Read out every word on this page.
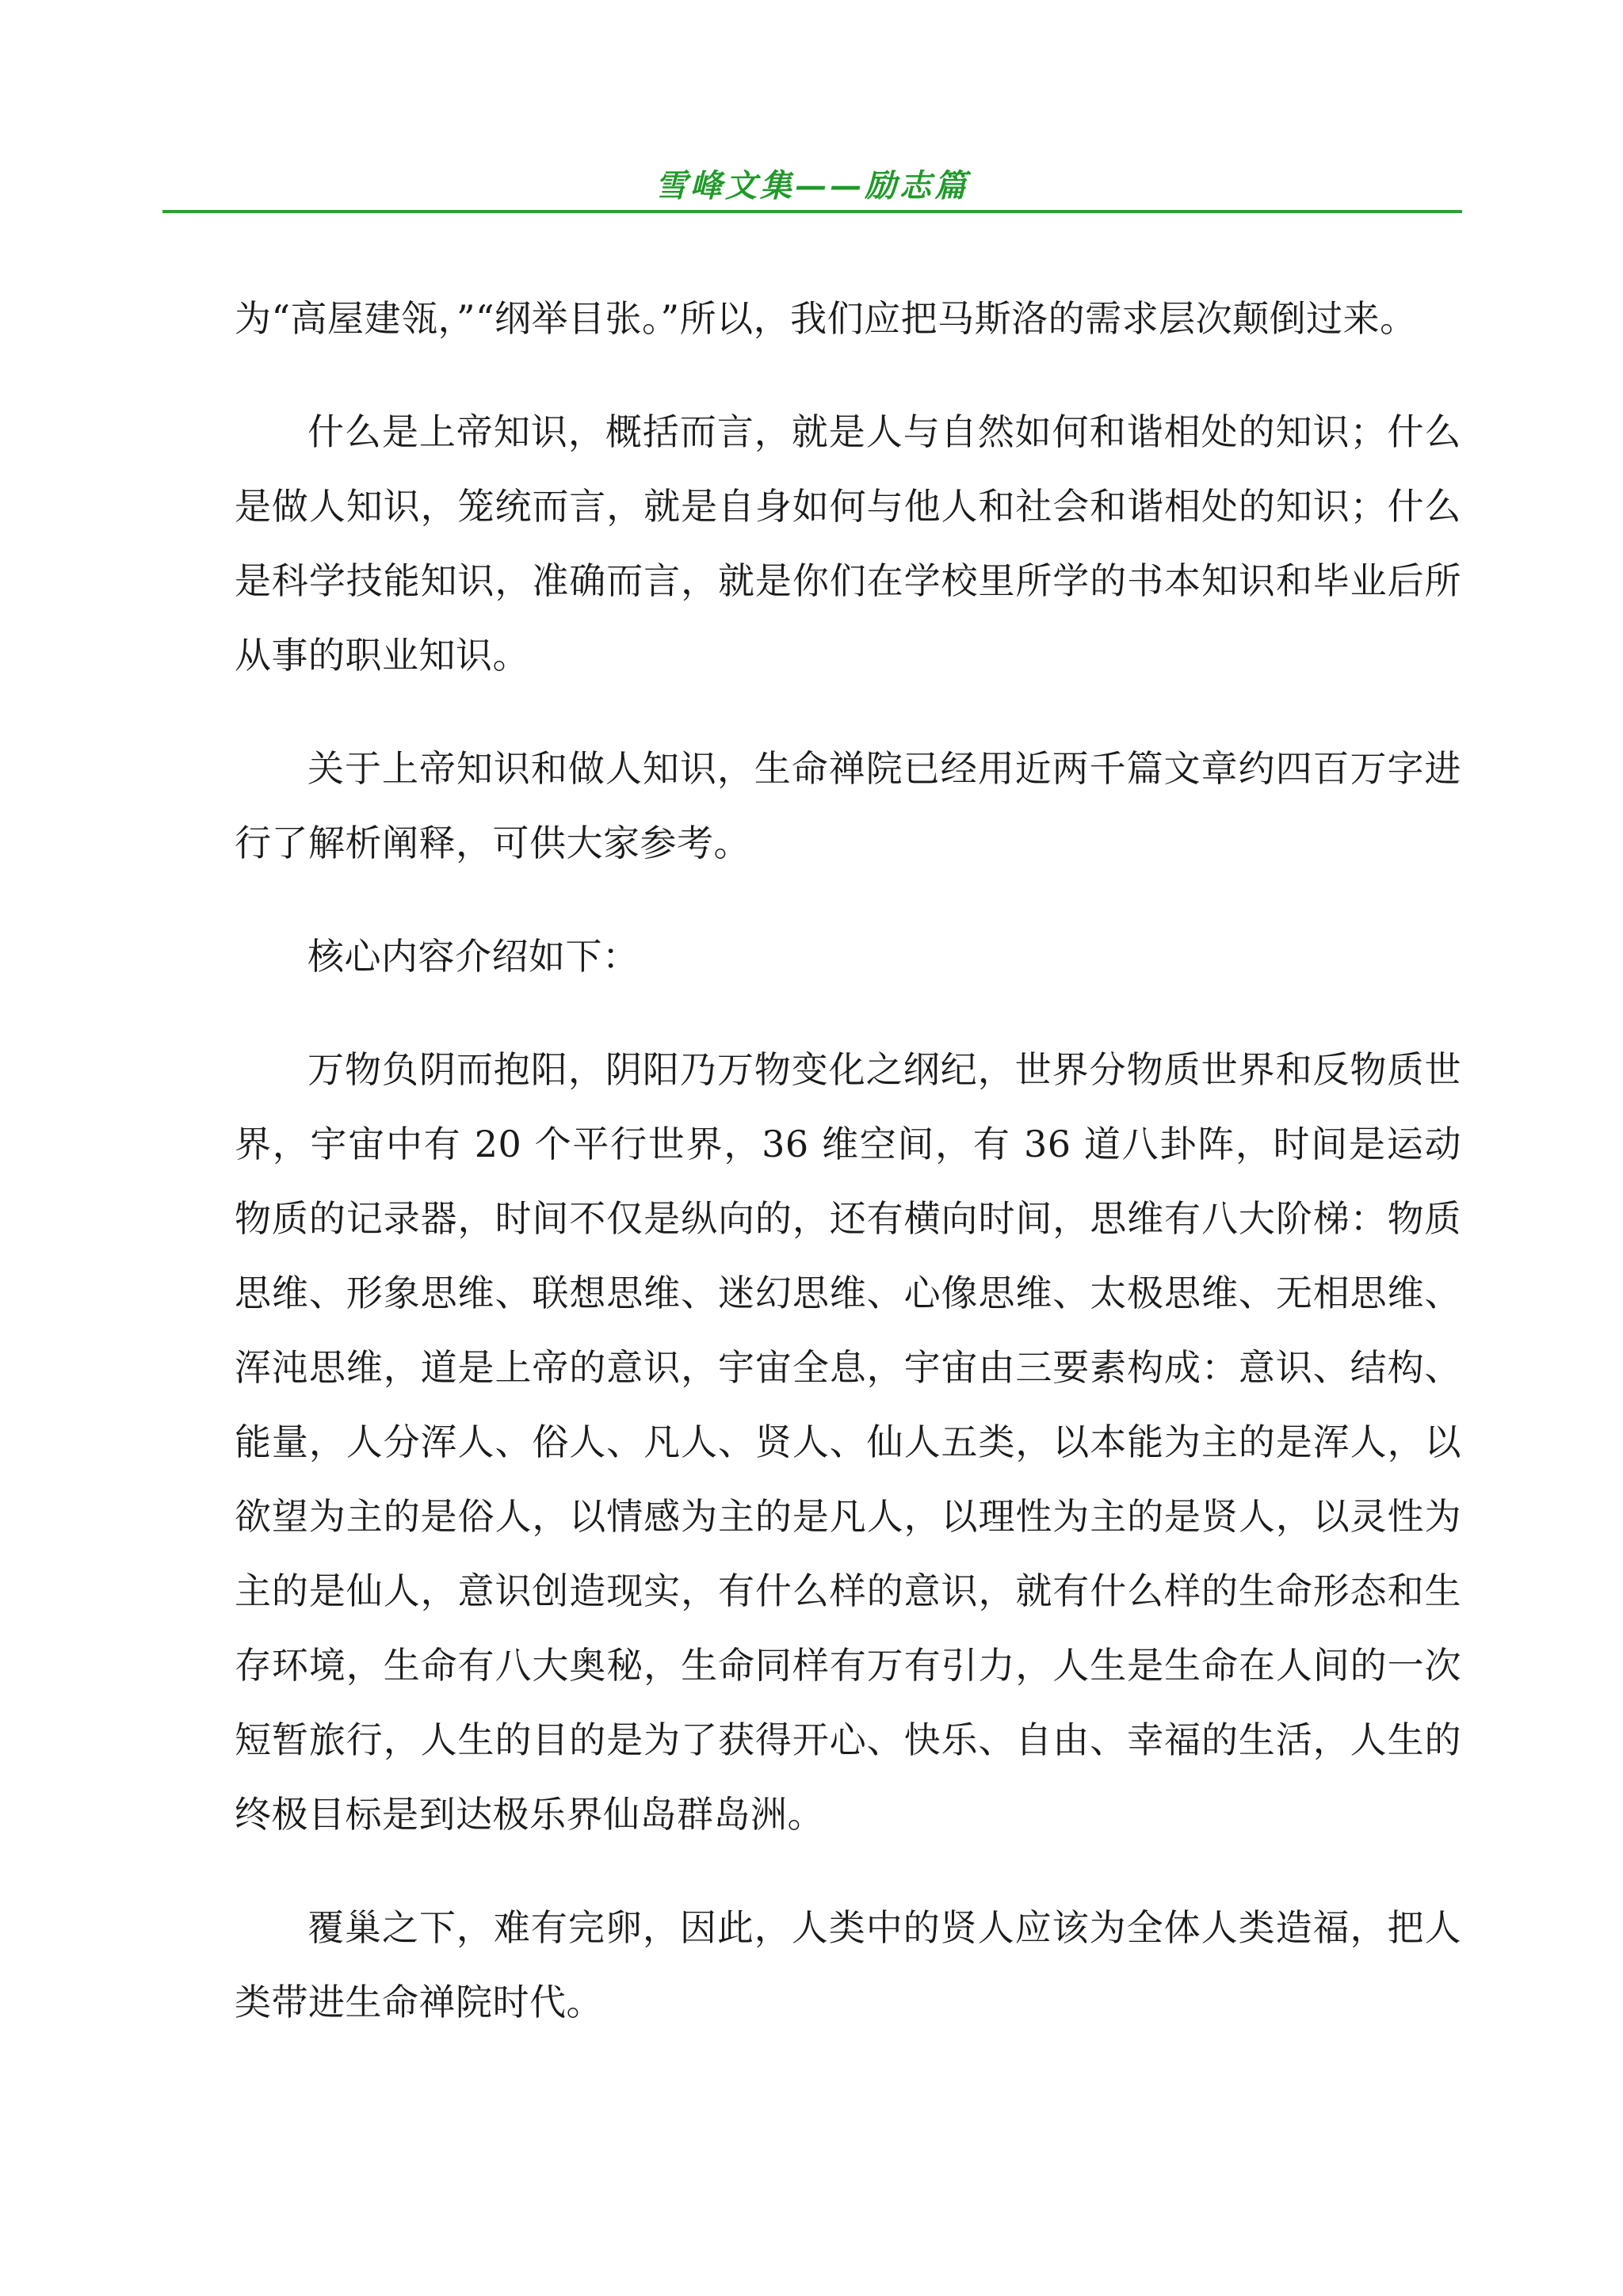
雪峰文集——励志篇

为“高屋建瓴，”“纲举目张。”所以，我们应把马斯洛的需求层次颠倒过来。

什么是上帝知识，概括而言，就是人与自然如何和谐相处的知识；什么是做人知识，笼统而言，就是自身如何与他人和社会和谐相处的知识；什么是科学技能知识，准确而言，就是你们在学校里所学的书本知识和毕业后所从事的职业知识。

关于上帝知识和做人知识，生命禅院已经用近两千篇文章约四百万字进行了解析阐释，可供大家参考。

核心内容介绍如下：

万物负阴而抱阳，阴阳乃万物变化之纲纪，世界分物质世界和反物质世界，宇宙中有 20 个平行世界，36 维空间，有 36 道八卦阵，时间是运动物质的记录器，时间不仅是纵向的，还有横向时间，思维有八大阶梯：物质思维、形象思维、联想思维、迷幻思维、心像思维、太极思维、无相思维、浑沌思维，道是上帝的意识，宇宙全息，宇宙由三要素构成：意识、结构、能量，人分浑人、俗人、凡人、贤人、仙人五类，以本能为主的是浑人，以欲望为主的是俗人，以情感为主的是凡人，以理性为主的是贤人，以灵性为主的是仙人，意识创造现实，有什么样的意识，就有什么样的生命形态和生存环境，生命有八大奥秘，生命同样有万有引力，人生是生命在人间的一次短暂旅行，人生的目的是为了获得开心、快乐、自由、幸福的生活，人生的终极目标是到达极乐界仙岛群岛洲。

覆巢之下，难有完卵，因此，人类中的贤人应该为全体人类造福，把人类带进生命禅院时代。
